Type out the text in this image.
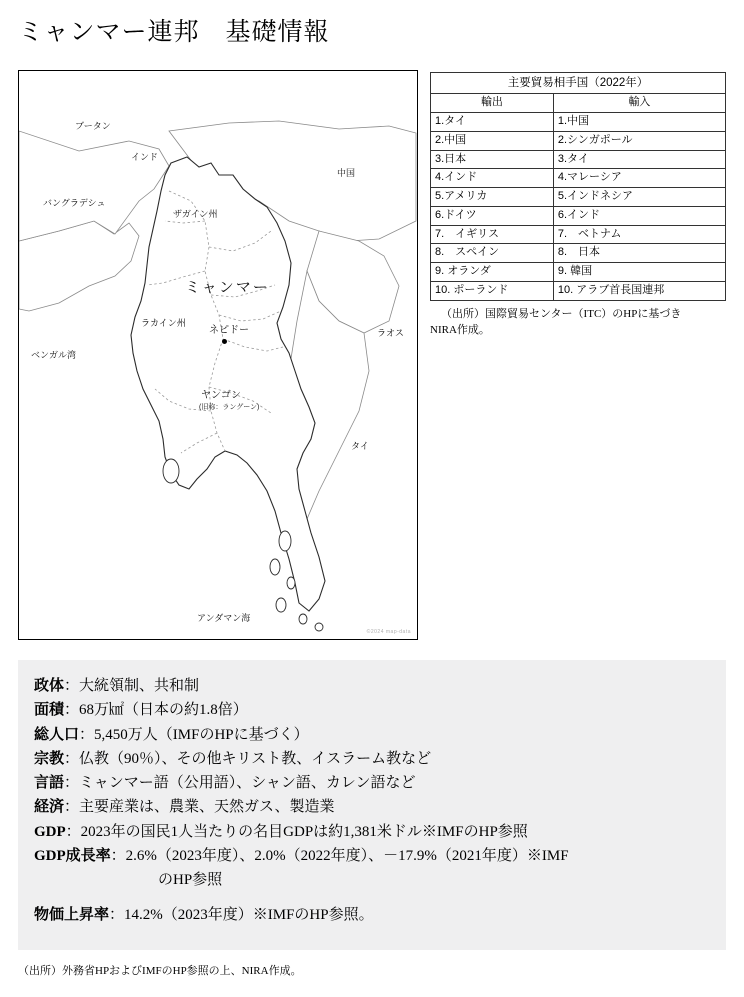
ミャンマー連邦　基礎情報
ブータン
インド
バングラデシュ
中国
ザガイン州
ラカイン州
ラオス
タイ
ベンガル湾
アンダマン海
ミャンマー
ネピドー
ヤンゴン
(旧称：ラングーン)
©2024 map-data
主要貿易相手国（2022年）	
輸出	輸入
1.タイ	1.中国
2.中国	2.シンガポール
3.日本	3.タイ
4.インド	4.マレーシア
5.アメリカ	5.インドネシア
6.ドイツ	6.インド
7.　イギリス	7.　ベトナム
8.　スペイン	8.　日本
9. オランダ	9. 韓国
10. ポーランド	10. アラブ首長国連邦
（出所）国際貿易センター（ITC）のHPに基づき
NIRA作成。
政体：大統領制、共和制
面積：68万㎢（日本の約1.8倍）
総人口：5,450万人（IMFのHPに基づく）
宗教：仏教（90％）、その他キリスト教、イスラーム教など
言語：ミャンマー語（公用語）、シャン語、カレン語など
経済：主要産業は、農業、天然ガス、製造業
GDP：2023年の国民1人当たりの名目GDPは約1,381米ドル※IMFのHP参照
GDP成長率：2.6%（2023年度）、2.0%（2022年度）、－17.9%（2021年度）※IMF
のHP参照
物価上昇率：14.2%（2023年度）※IMFのHP参照。
（出所）外務省HPおよびIMFのHP参照の上、NIRA作成。
